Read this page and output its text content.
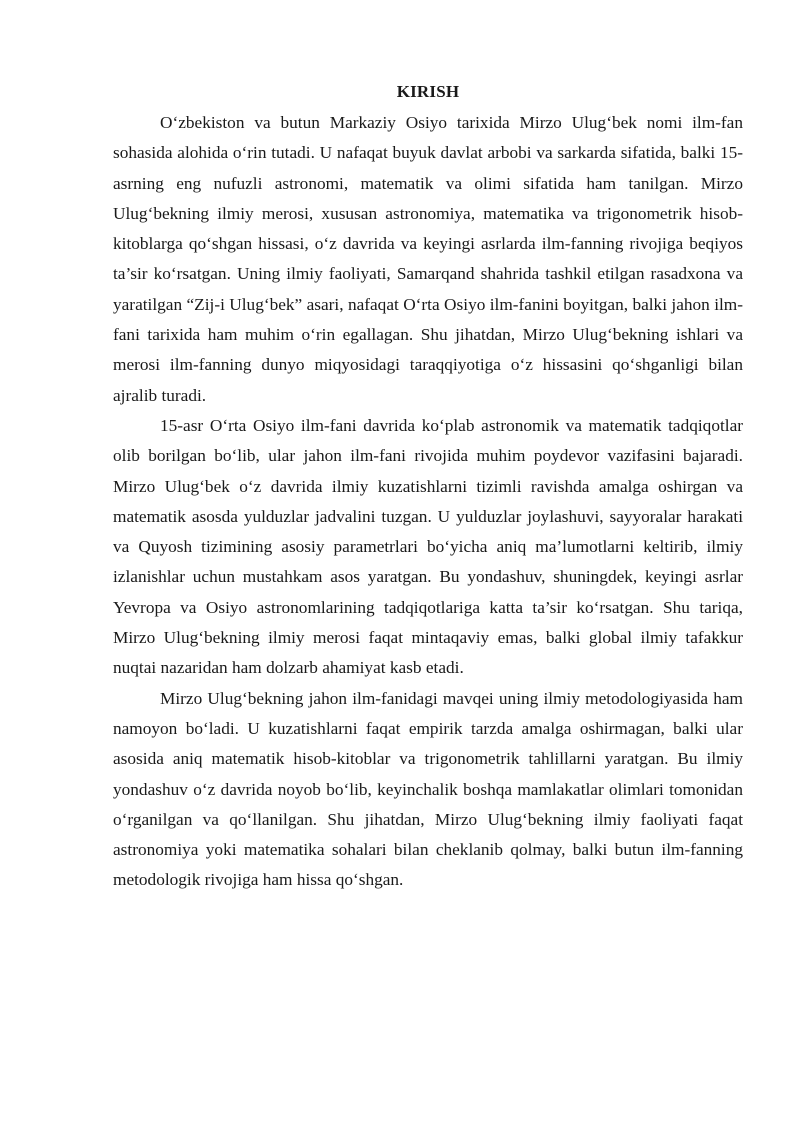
KIRISH

O‘zbekiston va butun Markaziy Osiyo tarixida Mirzo Ulug‘bek nomi ilm-fan sohasida alohida o‘rin tutadi. U nafaqat buyuk davlat arbobi va sarkarda sifatida, balki 15-asrning eng nufuzli astronomi, matematik va olimi sifatida ham tanilgan. Mirzo Ulug‘bekning ilmiy merosi, xususan astronomiya, matematika va trigonometrik hisob-kitoblarga qo‘shgan hissasi, o‘z davrida va keyingi asrlarda ilm-fanning rivojiga beqiyos ta’sir ko‘rsatgan. Uning ilmiy faoliyati, Samarqand shahrida tashkil etilgan rasadxona va yaratilgan “Zij-i Ulug‘bek” asari, nafaqat O‘rta Osiyo ilm-fanini boyitgan, balki jahon ilm-fani tarixida ham muhim o‘rin egallagan. Shu jihatdan, Mirzo Ulug‘bekning ishlari va merosi ilm-fanning dunyo miqyosidagi taraqqiyotiga o‘z hissasini qo‘shganligi bilan ajralib turadi.

15-asr O‘rta Osiyo ilm-fani davrida ko‘plab astronomik va matematik tadqiqotlar olib borilgan bo‘lib, ular jahon ilm-fani rivojida muhim poydevor vazifasini bajaradi. Mirzo Ulug‘bek o‘z davrida ilmiy kuzatishlarni tizimli ravishda amalga oshirgan va matematik asosda yulduzlar jadvalini tuzgan. U yulduzlar joylashuvi, sayyoralar harakati va Quyosh tizimining asosiy parametrlari bo‘yicha aniq ma’lumotlarni keltirib, ilmiy izlanishlar uchun mustahkam asos yaratgan. Bu yondashuv, shuningdek, keyingi asrlar Yevropa va Osiyo astronomlarining tadqiqotlariga katta ta’sir ko‘rsatgan. Shu tariqa, Mirzo Ulug‘bekning ilmiy merosi faqat mintaqaviy emas, balki global ilmiy tafakkur nuqtai nazaridan ham dolzarb ahamiyat kasb etadi.

Mirzo Ulug‘bekning jahon ilm-fanidagi mavqei uning ilmiy metodologiyasida ham namoyon bo‘ladi. U kuzatishlarni faqat empirik tarzda amalga oshirmagan, balki ular asosida aniq matematik hisob-kitoblar va trigonometrik tahlillarni yaratgan. Bu ilmiy yondashuv o‘z davrida noyob bo‘lib, keyinchalik boshqa mamlakatlar olimlari tomonidan o‘rganilgan va qo‘llanilgan. Shu jihatdan, Mirzo Ulug‘bekning ilmiy faoliyati faqat astronomiya yoki matematika sohalari bilan cheklanib qolmay, balki butun ilm-fanning metodologik rivojiga ham hissa qo‘shgan.
